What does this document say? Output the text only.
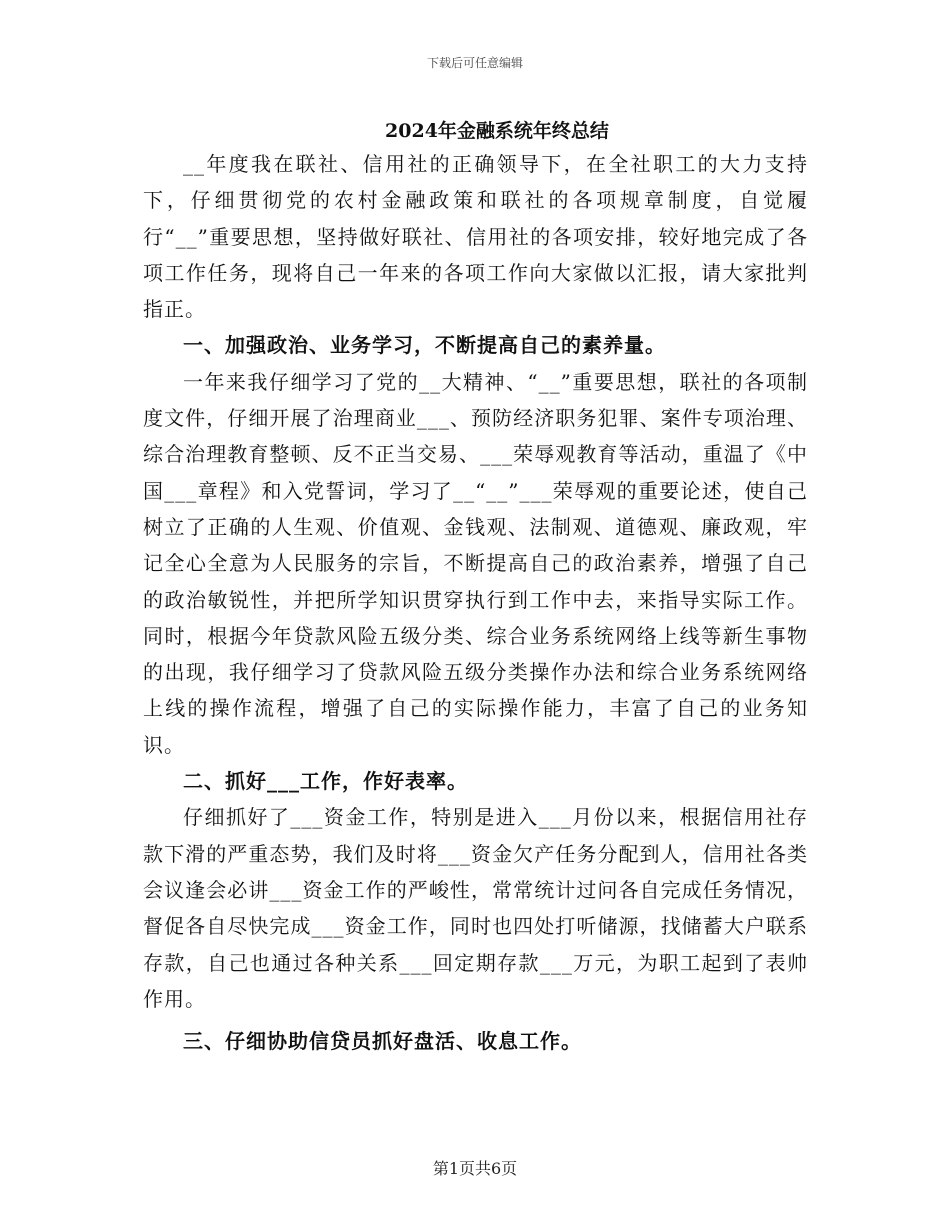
下载后可任意编辑
2024年金融系统年终总结

__年度我在联社、信用社的正确领导下，在全社职工的大力支持下，仔细贯彻党的农村金融政策和联社的各项规章制度，自觉履行“__”重要思想，坚持做好联社、信用社的各项安排，较好地完成了各项工作任务，现将自己一年来的各项工作向大家做以汇报，请大家批判指正。

一、加强政治、业务学习，不断提高自己的素养量。

一年来我仔细学习了党的__大精神、“__”重要思想，联社的各项制度文件，仔细开展了治理商业___、预防经济职务犯罪、案件专项治理、综合治理教育整顿、反不正当交易、___荣辱观教育等活动，重温了《中国___章程》和入党誓词，学习了__“__”___荣辱观的重要论述，使自己树立了正确的人生观、价值观、金钱观、法制观、道德观、廉政观，牢记全心全意为人民服务的宗旨，不断提高自己的政治素养，增强了自己的政治敏锐性，并把所学知识贯穿执行到工作中去，来指导实际工作。同时，根据今年贷款风险五级分类、综合业务系统网络上线等新生事物的出现，我仔细学习了贷款风险五级分类操作办法和综合业务系统网络上线的操作流程，增强了自己的实际操作能力，丰富了自己的业务知识。

二、抓好___工作，作好表率。

仔细抓好了___资金工作，特别是进入___月份以来，根据信用社存款下滑的严重态势，我们及时将___资金欠产任务分配到人，信用社各类会议逢会必讲___资金工作的严峻性，常常统计过问各自完成任务情况，督促各自尽快完成___资金工作，同时也四处打听储源，找储蓄大户联系存款，自己也通过各种关系___回定期存款___万元，为职工起到了表帅作用。

三、仔细协助信贷员抓好盘活、收息工作。

第1页共6页
